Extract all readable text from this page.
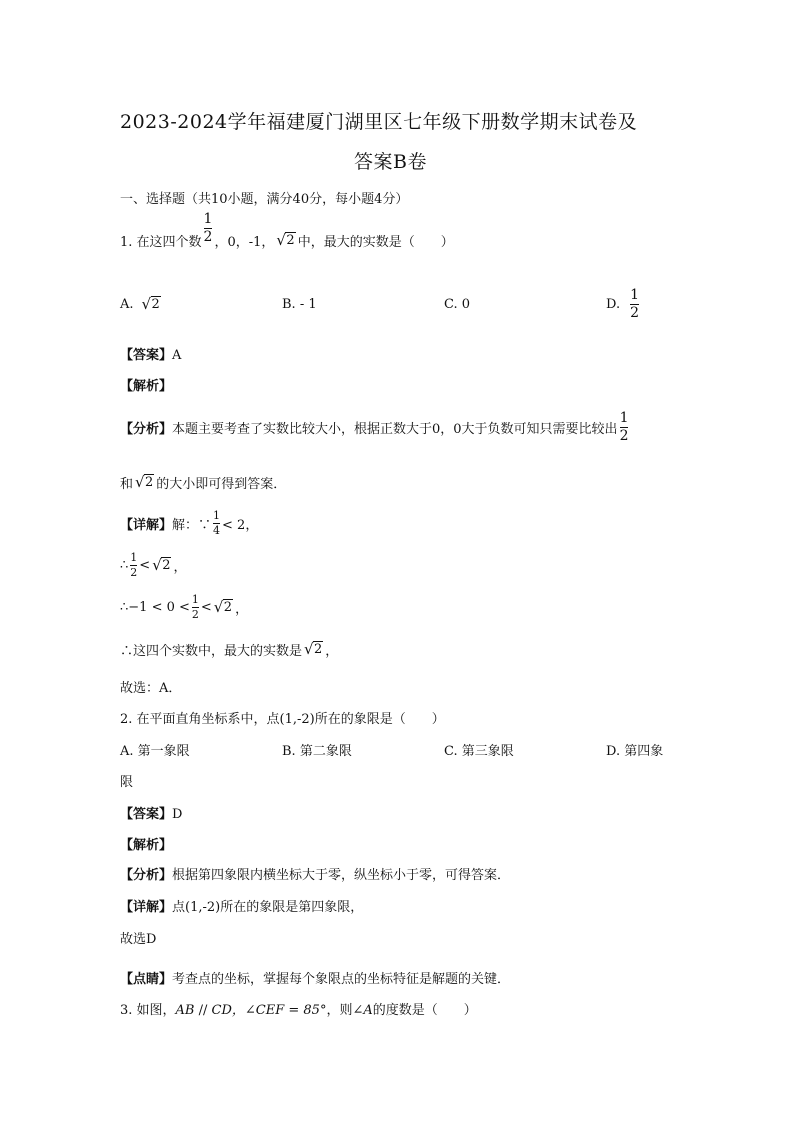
2023-2024学年福建厦门湖里区七年级下册数学期末试卷及
答案B卷
一、选择题（共10小题，满分40分，每小题4分）
1. 在这四个数 $\frac{1}{2}$ ，0，-1， √ 2 中，最大的实数是（　　）
A.	√ 2	B. - 1	C. 0	D. $\frac{1}{2}$
【答案】A
【解析】
【分析】 本题主要考查了实数比较大小，根据正数大于0，0大于负数可知只需要比较出 $\frac{1}{2}$
和 √ 2 的大小即可得到答案．
【详解】 解：∵ $\frac{1}{4} < 2$，
∴ $\frac{1}{2}$ < √ 2 ，
∴−1 < $0 < \frac{1}{2}$ < √ 2 ，
∴这四个实数中，最大的实数是 √ 2 ，
故选：A．
2. 在平面直角坐标系中，点(1,-2)所在的象限是（　　）
A. 第一象限	B. 第二象限	C. 第三象限	D. 第四象
限
【答案】D
【解析】
【分析】根据第四象限内横坐标大于零，纵坐标小于零，可得答案．
【详解】点(1,-2)所在的象限是第四象限，
故选D
【点睛】考查点的坐标，掌握每个象限点的坐标特征是解题的关键．
3. 如图，AB // CD，∠CEF = 85°，则∠A的度数是（　　）
